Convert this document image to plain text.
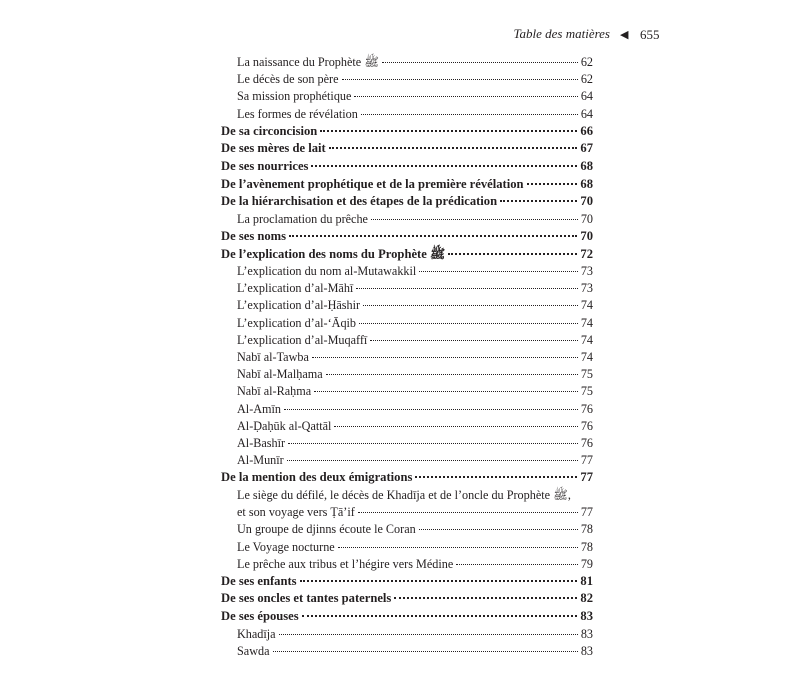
Table des matières ◀ 655
La naissance du Prophète ﷺ	62
Le décès de son père	62
Sa mission prophétique	64
Les formes de révélation	64
De sa circoncision	66
De ses mères de lait	67
De ses nourrices	68
De l’avènement prophétique et de la première révélation	68
De la hiérarchisation et des étapes de la prédication	70
La proclamation du prêche	70
De ses noms	70
De l’explication des noms du Prophète ﷺ	72
L’explication du nom al-Mutawakkil	73
L’explication d’al-Māhī	73
L’explication d’al-Ḥāshir	74
L’explication d’al-‘Āqib	74
L’explication d’al-Muqaffī	74
Nabī al-Tawba	74
Nabī al-Malḥama	75
Nabī al-Raḥma	75
Al-Amīn	76
Al-Ḍaḥūk al-Qattāl	76
Al-Bashīr	76
Al-Munīr	77
De la mention des deux émigrations	77
Le siège du défilé, le décès de Khadīja et de l’oncle du Prophète ﷺ,
et son voyage vers Ṭā’if	77
Un groupe de djinns écoute le Coran	78
Le Voyage nocturne	78
Le prêche aux tribus et l’hégire vers Médine	79
De ses enfants	81
De ses oncles et tantes paternels	82
De ses épouses	83
Khadīja	83
Sawda	83
